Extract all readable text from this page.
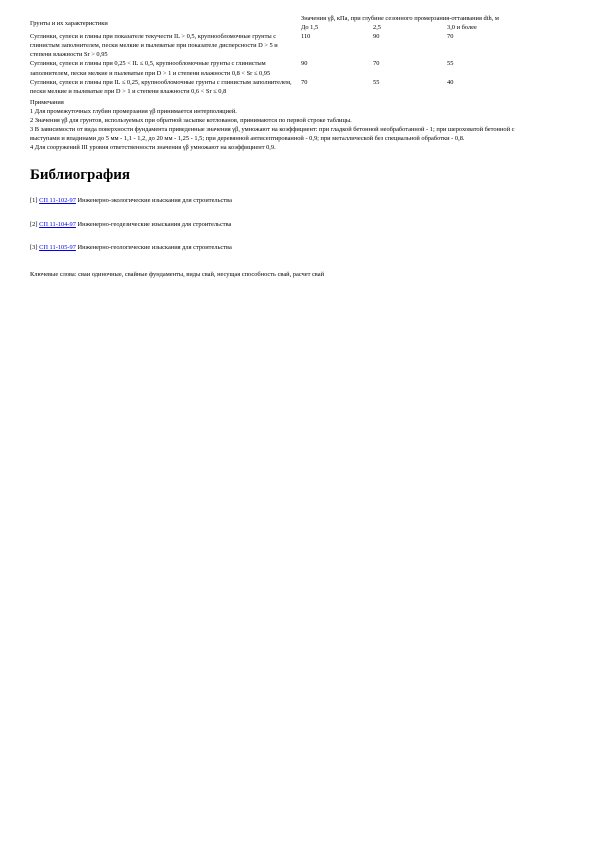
Грунты и их характеристики	Значения γβ, кПа, при глубине сезонного промерзания-оттаивания dth, м		
	До 1,5	2,5	3,0 и более
Суглинки, супеси и глины при показателе текучести IL > 0,5, крупнообломочные грунты с глинистым заполнителем, пески мелкие и пылеватые при показателе дисперсности D > 5 и степени влажности Sr > 0,95	110	90	70
Суглинки, супеси и глины при 0,25 < IL ≤ 0,5, крупнообломочные грунты с глинистым заполнителем, пески мелкие и пылеватые при D > 1 и степени влажности 0,8 < Sr ≤ 0,95	90	70	55
Суглинки, супеси и глины при IL ≤ 0,25, крупнообломочные грунты с глинистым заполнителем, пески мелкие и пылеватые при D > 1 и степени влажности 0,6 < Sr ≤ 0,8	70	55	40

Примечания

1 Для промежуточных глубин промерзания γβ принимается интерполяцией.

2 Значения γβ для грунтов, используемых при обратной засыпке котлованов, принимаются по первой строке таблицы.

3 В зависимости от вида поверхности фундамента приведенные значения γβ, умножают на коэффициент: при гладкой бетонной необработанной - 1; при шероховатой бетонной с выступами и впадинами до 5 мм - 1,1 - 1,2, до 20 мм - 1,25 - 1,5; при деревянной антисептированной - 0,9; при металлической без специальной обработки - 0,8.

4 Для сооружений III уровня ответственности значения γβ умножают на коэффициент 0,9.

Библиография
[1] СП 11-102-97 Инженерно-экологические изыскания для строительства
[2] СП 11-104-97 Инженерно-геодезические изыскания для строительства
[3] СП 11-105-97 Инженерно-геологические изыскания для строительства

Ключевые слова: сваи одиночные, свайные фундаменты, виды свай, несущая способность свай, расчет свай
